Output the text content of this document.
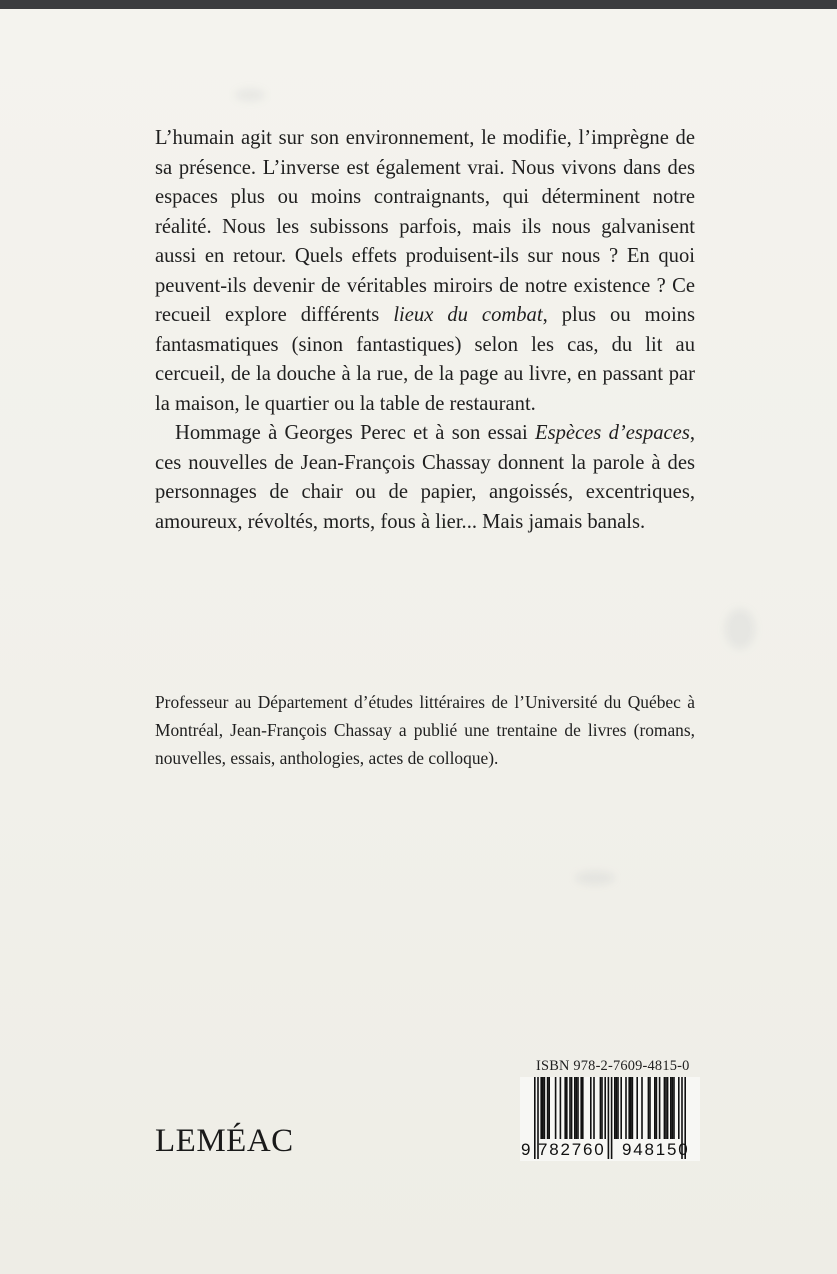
L’humain agit sur son environnement, le modifie, l’imprègne de sa présence. L’inverse est également vrai. Nous vivons dans des espaces plus ou moins contraignants, qui déterminent notre réalité. Nous les subissons parfois, mais ils nous galvanisent aussi en retour. Quels effets produisent-ils sur nous ? En quoi peuvent-ils devenir de véritables miroirs de notre existence ? Ce recueil explore différents lieux du combat, plus ou moins fantasmatiques (sinon fantastiques) selon les cas, du lit au cercueil, de la douche à la rue, de la page au livre, en passant par la maison, le quartier ou la table de restaurant.

Hommage à Georges Perec et à son essai Espèces d’espaces, ces nouvelles de Jean-François Chassay donnent la parole à des personnages de chair ou de papier, angoissés, excentriques, amoureux, révoltés, morts, fous à lier... Mais jamais banals.

Professeur au Département d’études littéraires de l’Université du Québec à Montréal, Jean-François Chassay a publié une trentaine de livres (romans, nouvelles, essais, anthologies, actes de colloque).

LEMÉAC
ISBN 978-2-7609-4815-0
9 782760 948150
